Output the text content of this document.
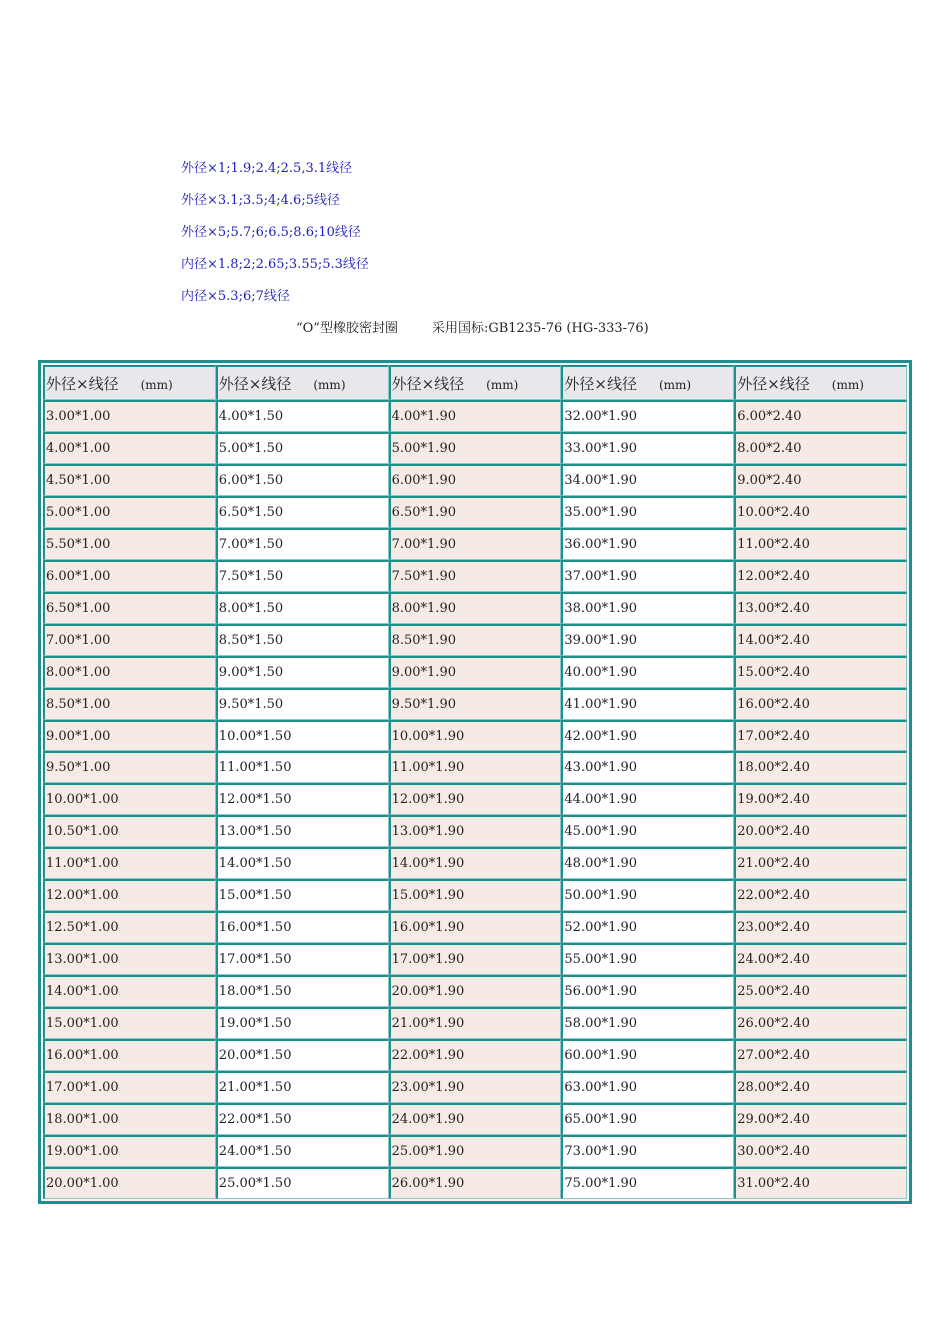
外径×1;1.9;2.4;2.5,3.1线径
外径×3.1;3.5;4;4.6;5线径
外径×5;5.7;6;6.5;8.6;10线径
内径×1.8;2;2.65;3.55;5.3线径
内径×5.3;6;7线径
“O”型橡胶密封圈	采用国标:GB1235-76 (HG-333-76)
外径×线径 (mm)	外径×线径 (mm)	外径×线径 (mm)	外径×线径 (mm)	外径×线径 (mm)
3.00*1.00	4.00*1.50	4.00*1.90	32.00*1.90	6.00*2.40
4.00*1.00	5.00*1.50	5.00*1.90	33.00*1.90	8.00*2.40
4.50*1.00	6.00*1.50	6.00*1.90	34.00*1.90	9.00*2.40
5.00*1.00	6.50*1.50	6.50*1.90	35.00*1.90	10.00*2.40
5.50*1.00	7.00*1.50	7.00*1.90	36.00*1.90	11.00*2.40
6.00*1.00	7.50*1.50	7.50*1.90	37.00*1.90	12.00*2.40
6.50*1.00	8.00*1.50	8.00*1.90	38.00*1.90	13.00*2.40
7.00*1.00	8.50*1.50	8.50*1.90	39.00*1.90	14.00*2.40
8.00*1.00	9.00*1.50	9.00*1.90	40.00*1.90	15.00*2.40
8.50*1.00	9.50*1.50	9.50*1.90	41.00*1.90	16.00*2.40
9.00*1.00	10.00*1.50	10.00*1.90	42.00*1.90	17.00*2.40
9.50*1.00	11.00*1.50	11.00*1.90	43.00*1.90	18.00*2.40
10.00*1.00	12.00*1.50	12.00*1.90	44.00*1.90	19.00*2.40
10.50*1.00	13.00*1.50	13.00*1.90	45.00*1.90	20.00*2.40
11.00*1.00	14.00*1.50	14.00*1.90	48.00*1.90	21.00*2.40
12.00*1.00	15.00*1.50	15.00*1.90	50.00*1.90	22.00*2.40
12.50*1.00	16.00*1.50	16.00*1.90	52.00*1.90	23.00*2.40
13.00*1.00	17.00*1.50	17.00*1.90	55.00*1.90	24.00*2.40
14.00*1.00	18.00*1.50	20.00*1.90	56.00*1.90	25.00*2.40
15.00*1.00	19.00*1.50	21.00*1.90	58.00*1.90	26.00*2.40
16.00*1.00	20.00*1.50	22.00*1.90	60.00*1.90	27.00*2.40
17.00*1.00	21.00*1.50	23.00*1.90	63.00*1.90	28.00*2.40
18.00*1.00	22.00*1.50	24.00*1.90	65.00*1.90	29.00*2.40
19.00*1.00	24.00*1.50	25.00*1.90	73.00*1.90	30.00*2.40
20.00*1.00	25.00*1.50	26.00*1.90	75.00*1.90	31.00*2.40
